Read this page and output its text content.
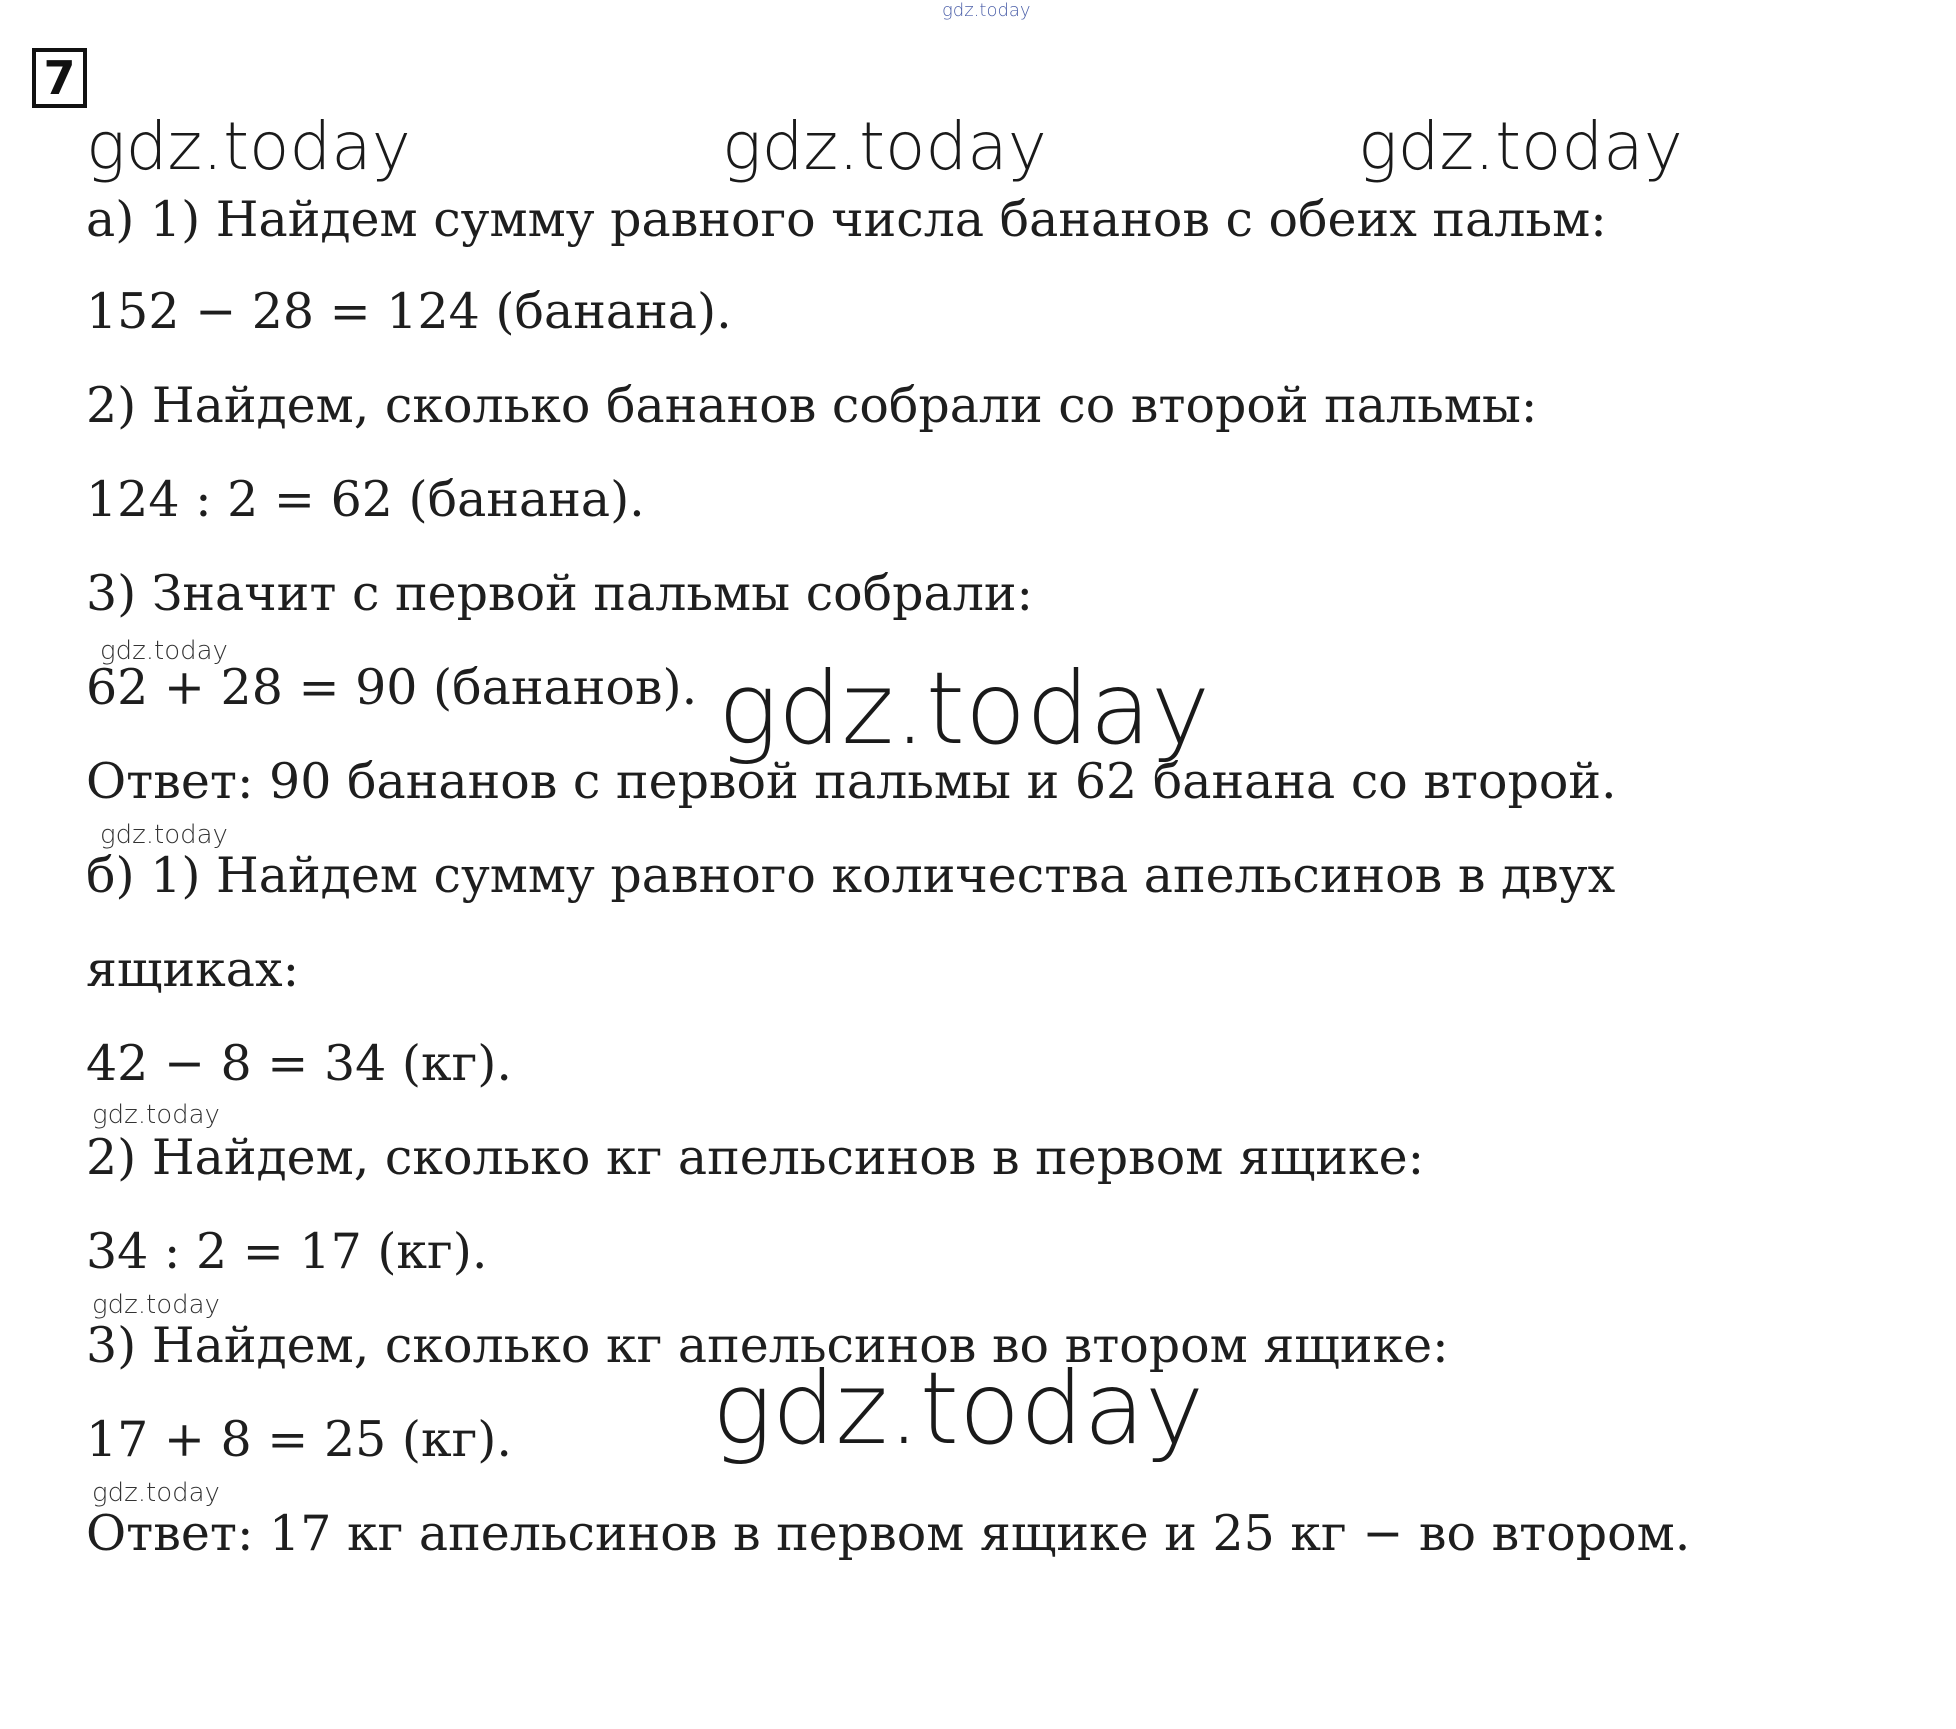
gdz.today
gdz.today	gdz.today	gdz.today
gdz.today
gdz.today
gdz.today
gdz.today
gdz.today
gdz.today
gdz.today
7
а) 1) Найдем сумму равного числа бананов с обеих пальм:
152 − 28 = 124 (банана).
2) Найдем, сколько бананов собрали со второй пальмы:
124 : 2 = 62 (банана).
3) Значит с первой пальмы собрали:
62 + 28 = 90 (бананов).
Ответ: 90 бананов с первой пальмы и 62 банана со второй.
б) 1) Найдем сумму равного количества апельсинов в двух
ящиках:
42 − 8 = 34 (кг).
2) Найдем, сколько кг апельсинов в первом ящике:
34 : 2 = 17 (кг).
3) Найдем, сколько кг апельсинов во втором ящике:
17 + 8 = 25 (кг).
Ответ: 17 кг апельсинов в первом ящике и 25 кг − во втором.
